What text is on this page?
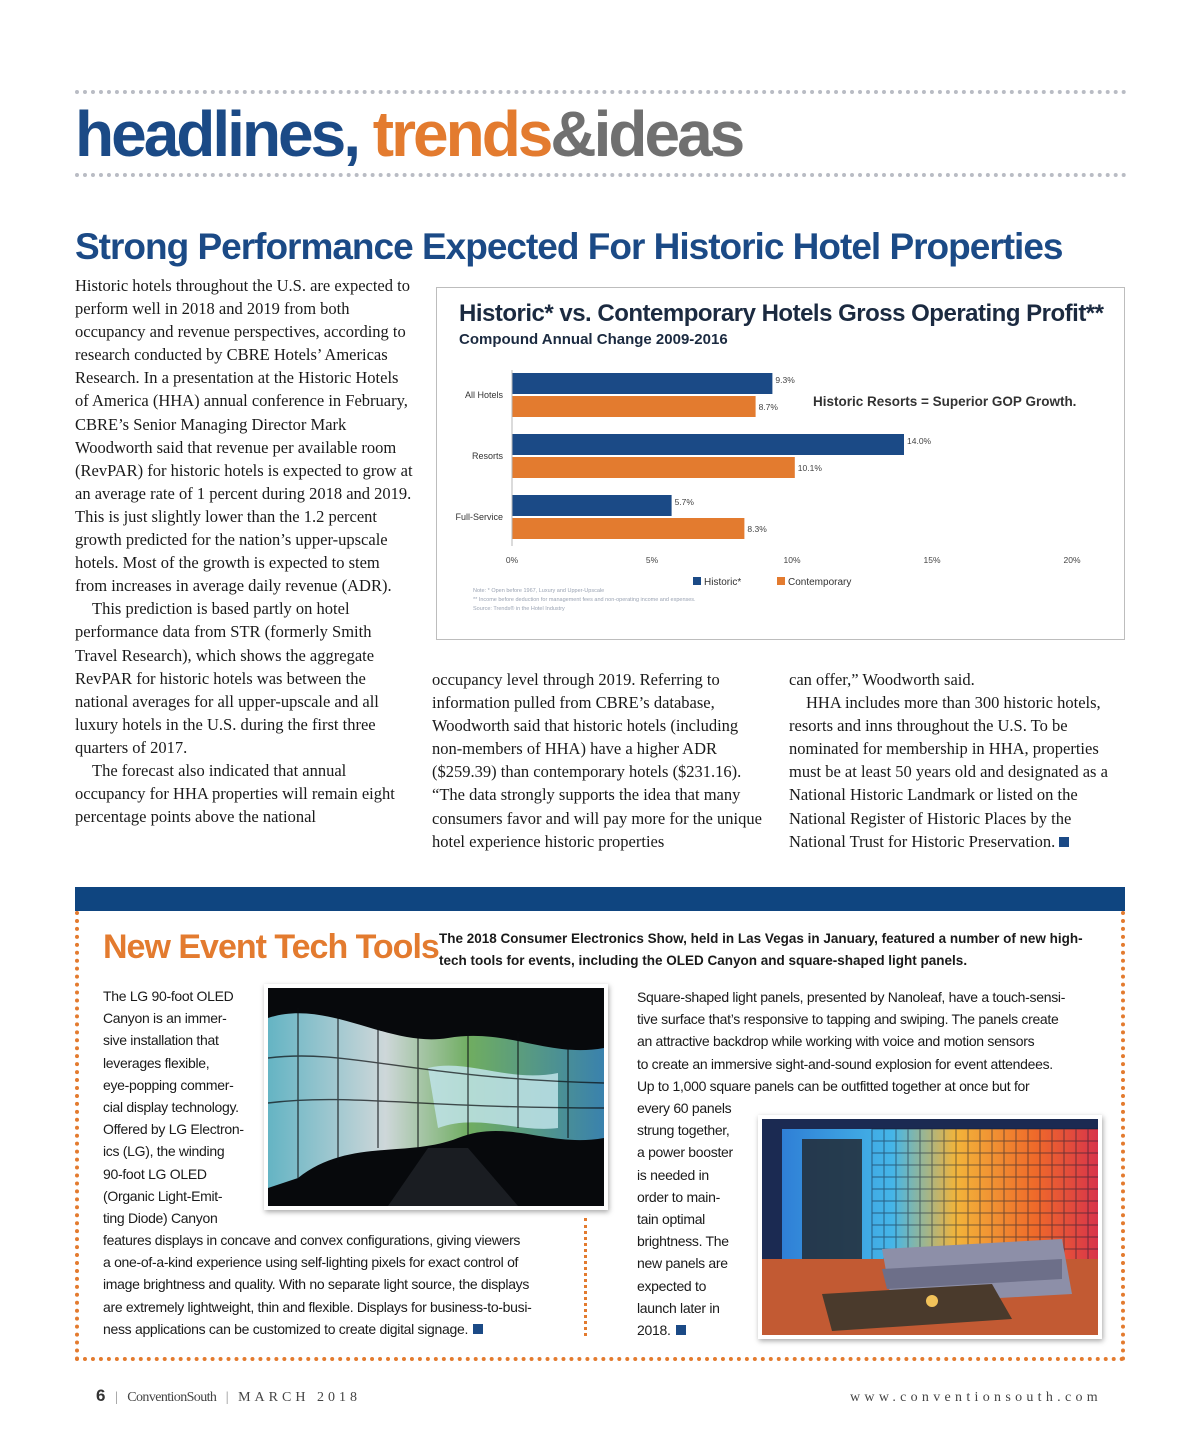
headlines, trends&ideas
Strong Performance Expected For Historic Hotel Properties

Historic hotels throughout the U.S. are expected to perform well in 2018 and 2019 from both occupancy and revenue perspectives, according to research conducted by CBRE Hotels’ Americas Research. In a presentation at the Historic Hotels of America (HHA) annual conference in February, CBRE’s Senior Managing Director Mark Woodworth said that revenue per available room (RevPAR) for historic hotels is expected to grow at an average rate of 1 percent during 2018 and 2019. This is just slightly lower than the 1.2 percent growth predicted for the nation’s upper-upscale hotels. Most of the growth is expected to stem from increases in average daily revenue (ADR).

This prediction is based partly on hotel performance data from STR (formerly Smith Travel Research), which shows the aggregate RevPAR for historic hotels was between the national averages for all upper-upscale and all luxury hotels in the U.S. during the first three quarters of 2017.

The forecast also indicated that annual occupancy for HHA properties will remain eight percentage points above the national

Historic* vs. Contemporary Hotels Gross Operating Profit**
Compound Annual Change 2009-2016
All Hotels
9.3%
8.7%
Resorts
14.0%
10.1%
Full-Service
5.7%
8.3%
0%	5%	10%	15%	20%
Historic Resorts = Superior GOP Growth.
Historic*	Contemporary
Note: * Open before 1967, Luxury and Upper-Upscale
** Income before deduction for management fees and non-operating income and expenses.
Source: Trends® in the Hotel Industry

occupancy level through 2019. Referring to information pulled from CBRE’s database, Woodworth said that historic hotels (including non-members of HHA) have a higher ADR ($259.39) than contemporary hotels ($231.16). “The data strongly supports the idea that many consumers favor and will pay more for the unique hotel experience historic properties

can offer,” Woodworth said.

HHA includes more than 300 historic hotels, resorts and inns throughout the U.S. To be nominated for membership in HHA, properties must be at least 50 years old and designated as a National Historic Landmark or listed on the National Register of Historic Places by the National Trust for Historic Preservation.

New Event Tech Tools The 2018 Consumer Electronics Show, held in Las Vegas in January, featured a number of new high-tech tools for events, including the OLED Canyon and square-shaped light panels.
The LG 90-foot OLED
Canyon is an immer-
sive installation that
leverages flexible,
eye-popping commer-
cial display technology.
Offered by LG Electron-
ics (LG), the winding
90-foot LG OLED
(Organic Light-Emit-
ting Diode) Canyon
features displays in concave and convex configurations, giving viewers
a one-of-a-kind experience using self-lighting pixels for exact control of
image brightness and quality. With no separate light source, the displays
are extremely lightweight, thin and flexible. Displays for business-to-busi-
ness applications can be customized to create digital signage.
Square-shaped light panels, presented by Nanoleaf, have a touch-sensi-
tive surface that’s responsive to tapping and swiping. The panels create
an attractive backdrop while working with voice and motion sensors
to create an immersive sight-and-sound explosion for event attendees.
Up to 1,000 square panels can be outfitted together at once but for
every 60 panels
strung together,
a power booster
is needed in
order to main-
tain optimal
brightness. The
new panels are
expected to
launch later in
2018.
6 | ConventionSouth | MARCH 2018	www.conventionsouth.com
